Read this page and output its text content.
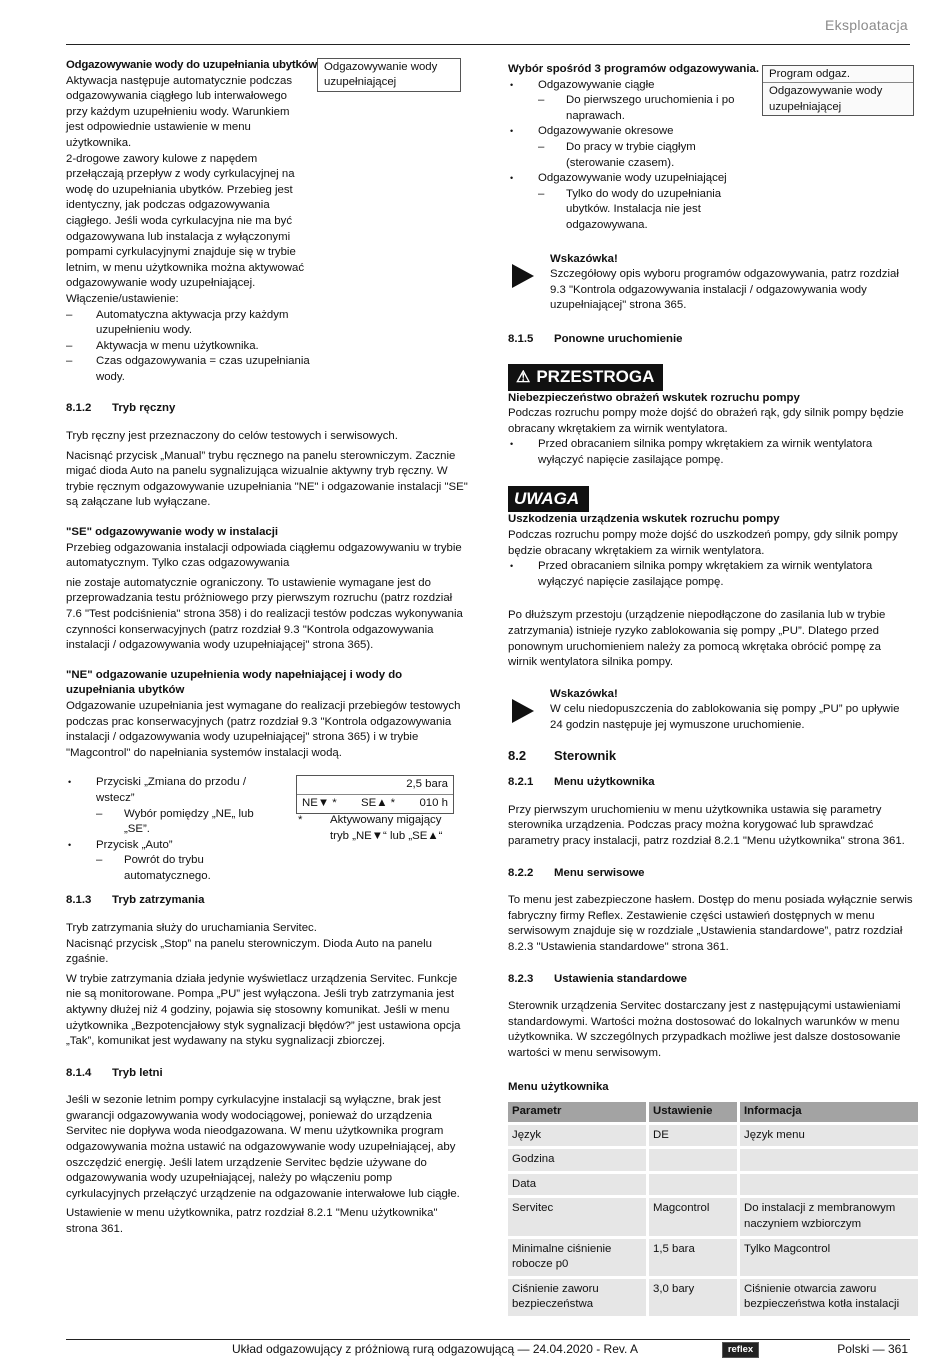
Eksploatacja

Odgazowywanie wody do uzupełniania ubytków Odgazowywanie wody uzupełniającej

Aktywacja następuje automatycznie podczas

odgazowywania ciągłego lub interwałowego

przy każdym uzupełnieniu wody. Warunkiem

jest odpowiednie ustawienie w menu

użytkownika.

2-drogowe zawory kulowe z napędem przełączają przepływ z wody cyrkulacyjnej na wodę do uzupełniania ubytków. Przebieg jest identyczny, jak podczas odgazowywania ciągłego. Jeśli woda cyrkulacyjna nie ma być odgazowywana lub instalacja z wyłączonymi pompami cyrkulacyjnymi znajduje się w trybie letnim, w menu użytkownika można aktywować odgazowywanie wody uzupełniającej.

Włączenie/ustawienie:

– Automatyczna aktywacja przy każdym uzupełnieniu wody.

– Aktywacja w menu użytkownika.

– Czas odgazowywania = czas uzupełniania wody.

8.1.2 Tryb ręczny

Tryb ręczny jest przeznaczony do celów testowych i serwisowych.

Nacisnąć przycisk „Manual” trybu ręcznego na panelu sterowniczym. Zacznie migać dioda Auto na panelu sygnalizująca wizualnie aktywny tryb ręczny. W trybie ręcznym odgazowywanie uzupełniania "NE" i odgazowanie instalacji "SE" są załączane lub wyłączane.

"SE" odgazowywanie wody w instalacji

Przebieg odgazowania instalacji odpowiada ciągłemu odgazowywaniu w trybie automatycznym. Tylko czas odgazowywania

nie zostaje automatycznie ograniczony. To ustawienie wymagane jest do przeprowadzania testu próżniowego przy pierwszym rozruchu (patrz rozdział 7.6 "Test podciśnienia" strona 358) i do realizacji testów podczas wykonywania czynności konserwacyjnych (patrz rozdział 9.3 "Kontrola odgazowywania instalacji / odgazowywania wody uzupełniającej" strona 365).

"NE" odgazowanie uzupełnienia wody napełniającej i wody do uzupełniania ubytków

Odgazowanie uzupełniania jest wymagane do realizacji przebiegów testowych podczas prac konserwacyjnych (patrz rozdział 9.3 "Kontrola odgazowywania instalacji / odgazowywania wody uzupełniającej" strona 365) i w trybie "Magcontrol" do napełniania systemów instalacji wodą.

• Przyciski „Zmiana do przodu / wstecz”

– Wybór pomiędzy „NE„ lub „SE”.

• Przycisk „Auto”

– Powrót do trybu automatycznego.

2,5 bara
NE▼ * SE▲ * 010 h
*	Aktywowany migający tryb „NE▼“ lub „SE▲“

8.1.3 Tryb zatrzymania

Tryb zatrzymania służy do uruchamiania Servitec.

Nacisnąć przycisk „Stop” na panelu sterowniczym. Dioda Auto na panelu zgaśnie.

W trybie zatrzymania działa jedynie wyświetlacz urządzenia Servitec. Funkcje nie są monitorowane. Pompa „PU” jest wyłączona. Jeśli tryb zatrzymania jest aktywny dłużej niż 4 godziny, pojawia się stosowny komunikat. Jeśli w menu użytkownika „Bezpotencjałowy styk sygnalizacji błędów?” jest ustawiona opcja „Tak”, komunikat jest wydawany na styku sygnalizacji zbiorczej.

8.1.4 Tryb letni

Jeśli w sezonie letnim pompy cyrkulacyjne instalacji są wyłączne, brak jest gwarancji odgazowywania wody wodociągowej, ponieważ do urządzenia Servitec nie dopływa woda nieodgazowana. W menu użytkownika program odgazowywania można ustawić na odgazowywanie wody uzupełniającej, aby oszczędzić energię. Jeśli latem urządzenie Servitec będzie używane do odgazowywania wody uzupełniającej, należy po włączeniu pomp cyrkulacyjnych przełączyć urządzenie na odgazowanie interwałowe lub ciągłe.

Ustawienie w menu użytkownika, patrz rozdział 8.2.1 "Menu użytkownika" strona 361.

Program odgaz.
Odgazowywanie wody uzupełniającej

Wybór spośród 3 programów odgazowywania.

• Odgazowywanie ciągłe

– Do pierwszego uruchomienia i po naprawach.

• Odgazowywanie okresowe

– Do pracy w trybie ciągłym (sterowanie czasem).

• Odgazowywanie wody uzupełniającej

– Tylko do wody do uzupełniania ubytków. Instalacja nie jest odgazowywana.

Wskazówka!

Szczegółowy opis wyboru programów odgazowywania, patrz rozdział 9.3 "Kontrola odgazowywania instalacji / odgazowywania wody uzupełniającej" strona 365.

8.1.5 Ponowne uruchomienie
⚠ PRZESTROGA

Niebezpieczeństwo obrażeń wskutek rozruchu pompy

Podczas rozruchu pompy może dojść do obrażeń rąk, gdy silnik pompy będzie obracany wkrętakiem za wirnik wentylatora.

• Przed obracaniem silnika pompy wkrętakiem za wirnik wentylatora wyłączyć napięcie zasilające pompę.

UWAGA

Uszkodzenia urządzenia wskutek rozruchu pompy

Podczas rozruchu pompy może dojść do uszkodzeń pompy, gdy silnik pompy będzie obracany wkrętakiem za wirnik wentylatora.

• Przed obracaniem silnika pompy wkrętakiem za wirnik wentylatora wyłączyć napięcie zasilające pompę.

Po dłuższym przestoju (urządzenie niepodłączone do zasilania lub w trybie zatrzymania) istnieje ryzyko zablokowania się pompy „PU”. Dlatego przed ponownym uruchomieniem należy za pomocą wkrętaka obrócić pompę za wirnik wentylatora silnika pompy.

Wskazówka!

W celu niedopuszczenia do zablokowania się pompy „PU” po upływie 24 godzin następuje jej wymuszone uruchomienie.

8.2 Sterownik
8.2.1 Menu użytkownika

Przy pierwszym uruchomieniu w menu użytkownika ustawia się parametry sterownika urządzenia. Podczas pracy można korygować lub sprawdzać parametry pracy instalacji, patrz rozdział 8.2.1 "Menu użytkownika" strona 361.

8.2.2 Menu serwisowe

To menu jest zabezpieczone hasłem. Dostęp do menu posiada wyłącznie serwis fabryczny firmy Reflex. Zestawienie części ustawień dostępnych w menu serwisowym znajduje się w rozdziale „Ustawienia standardowe”, patrz rozdział 8.2.3 "Ustawienia standardowe" strona 361.

8.2.3 Ustawienia standardowe

Sterownik urządzenia Servitec dostarczany jest z następującymi ustawieniami standardowymi. Wartości można dostosować do lokalnych warunków w menu użytkownika. W szczególnych przypadkach możliwe jest dalsze dostosowanie wartości w menu serwisowym.

Menu użytkownika

Parametr	Ustawienie	Informacja
Język	DE	Język menu
Godzina		
Data		
Servitec	Magcontrol	Do instalacji z membranowym naczyniem wzbiorczym
Minimalne ciśnienie robocze p0	1,5 bara	Tylko Magcontrol
Ciśnienie zaworu bezpieczeństwa	3,0 bary	Ciśnienie otwarcia zaworu bezpieczeństwa kotła instalacji
Układ odgazowujący z próżniową rurą odgazowującą — 24.04.2020 - Rev. A	reflex	Polski — 361
